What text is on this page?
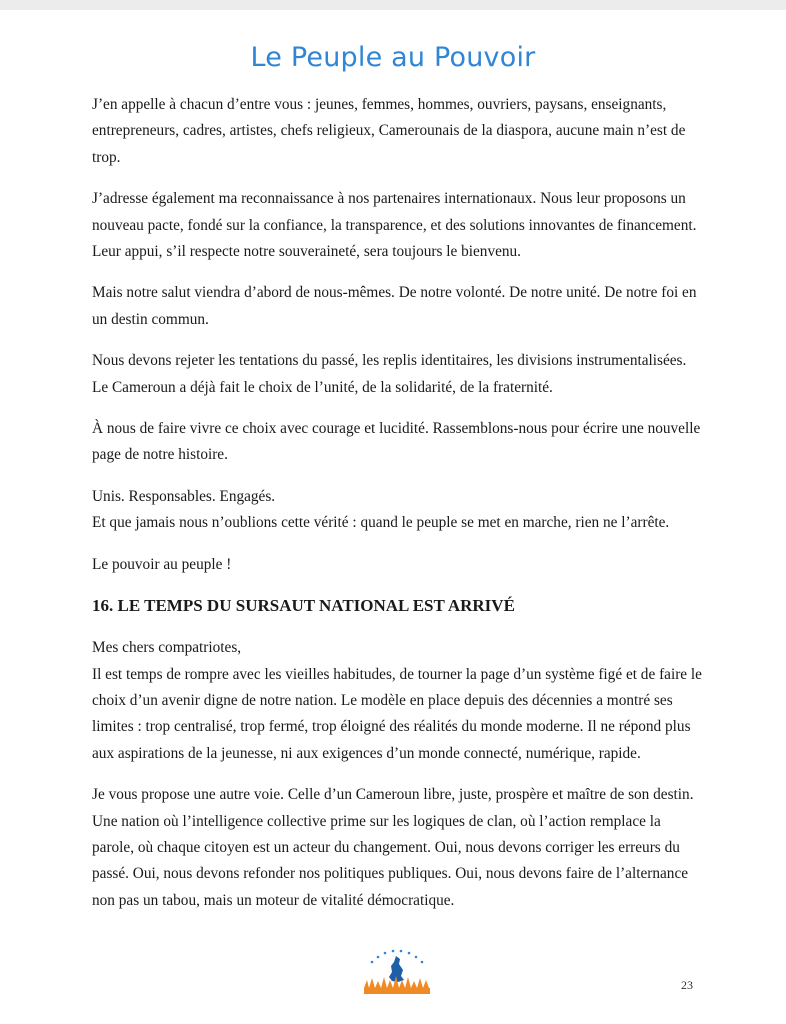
Le Peuple au Pouvoir

J’en appelle à chacun d’entre vous : jeunes, femmes, hommes, ouvriers, paysans, enseignants, entrepreneurs, cadres, artistes, chefs religieux, Camerounais de la diaspora, aucune main n’est de trop.

J’adresse également ma reconnaissance à nos partenaires internationaux. Nous leur proposons un nouveau pacte, fondé sur la confiance, la transparence, et des solutions innovantes de financement. Leur appui, s’il respecte notre souveraineté, sera toujours le bienvenu.

Mais notre salut viendra d’abord de nous-mêmes. De notre volonté. De notre unité. De notre foi en un destin commun.

Nous devons rejeter les tentations du passé, les replis identitaires, les divisions instrumentalisées. Le Cameroun a déjà fait le choix de l’unité, de la solidarité, de la fraternité.

À nous de faire vivre ce choix avec courage et lucidité. Rassemblons-nous pour écrire une nouvelle page de notre histoire.

Unis. Responsables. Engagés.

Et que jamais nous n’oublions cette vérité : quand le peuple se met en marche, rien ne l’arrête.

Le pouvoir au peuple !

16. LE TEMPS DU SURSAUT NATIONAL EST ARRIVÉ

Mes chers compatriotes,

Il est temps de rompre avec les vieilles habitudes, de tourner la page d’un système figé et de faire le choix d’un avenir digne de notre nation. Le modèle en place depuis des décennies a montré ses limites : trop centralisé, trop fermé, trop éloigné des réalités du monde moderne. Il ne répond plus aux aspirations de la jeunesse, ni aux exigences d’un monde connecté, numérique, rapide.

Je vous propose une autre voie. Celle d’un Cameroun libre, juste, prospère et maître de son destin. Une nation où l’intelligence collective prime sur les logiques de clan, où l’action remplace la parole, où chaque citoyen est un acteur du changement. Oui, nous devons corriger les erreurs du passé. Oui, nous devons refonder nos politiques publiques. Oui, nous devons faire de l’alternance non pas un tabou, mais un moteur de vitalité démocratique.

23
